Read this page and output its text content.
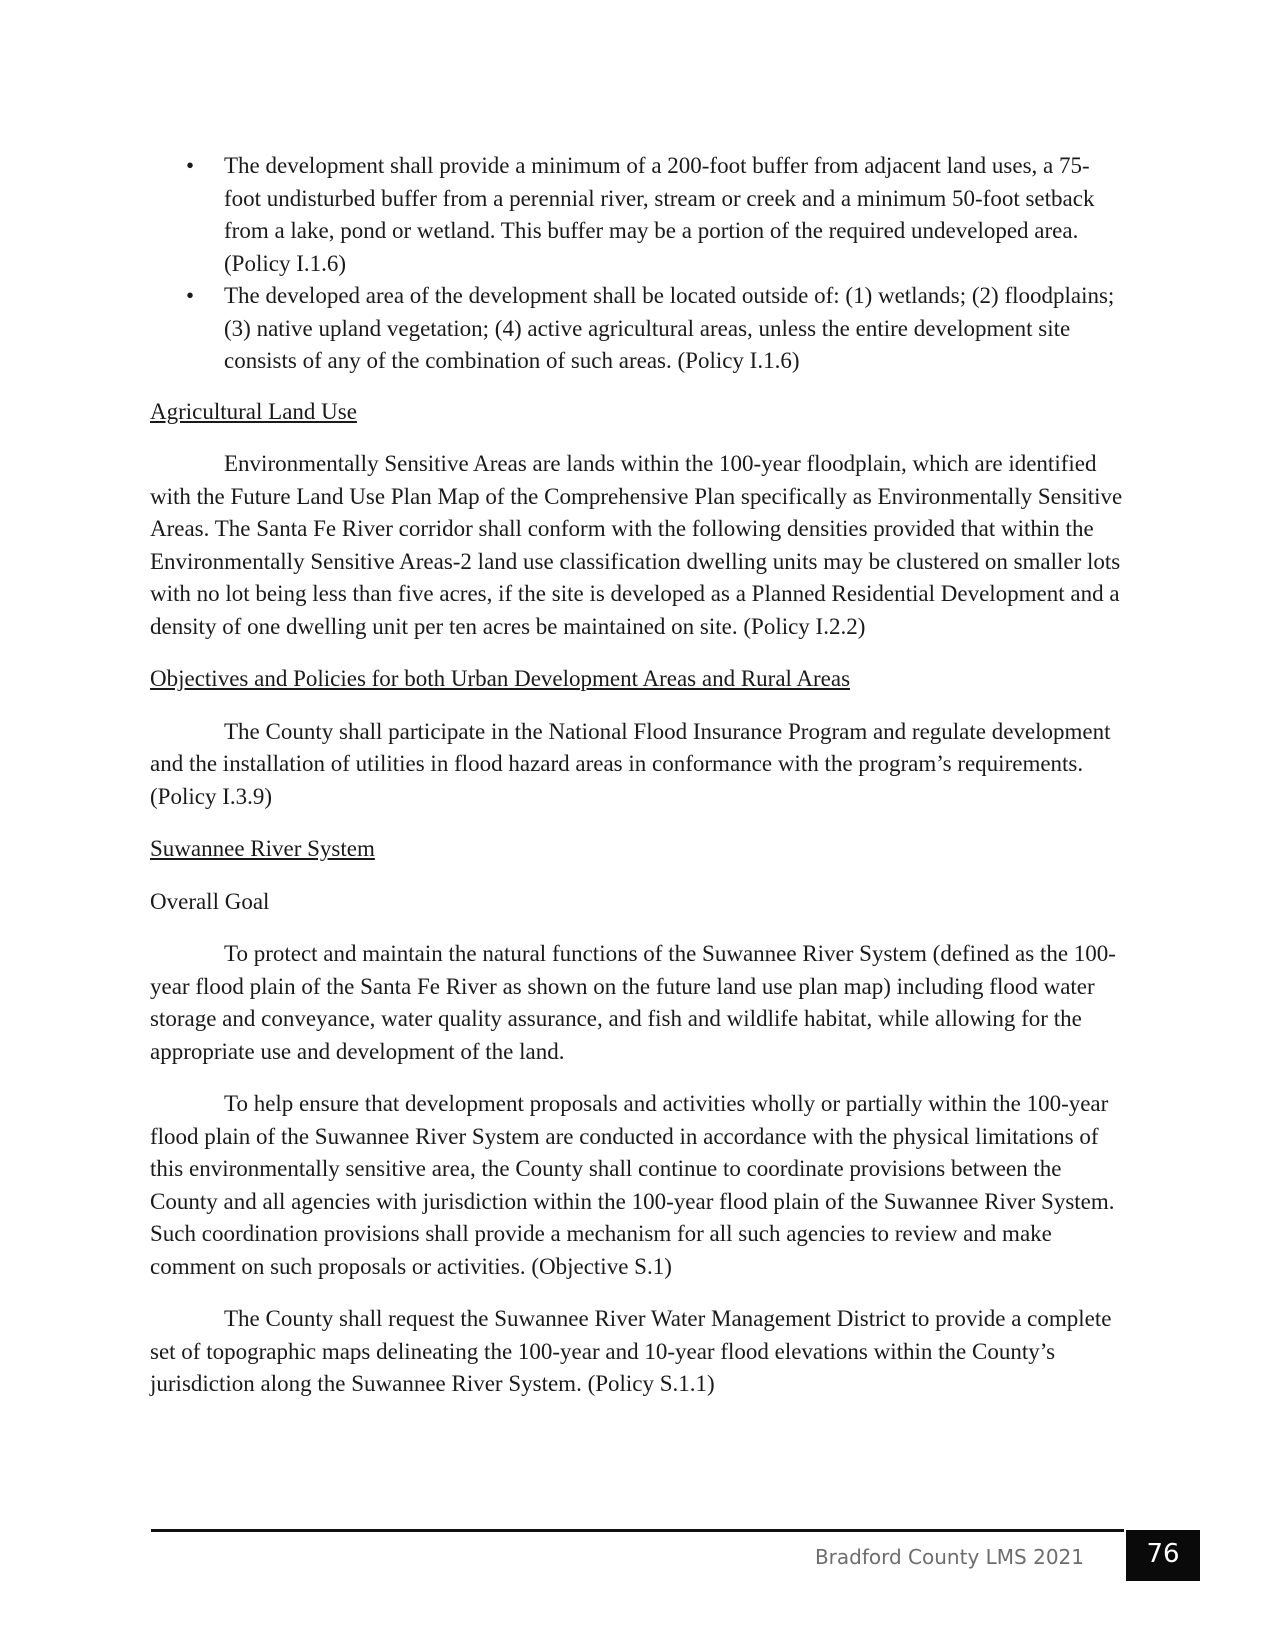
• The development shall provide a minimum of a 200-foot buffer from adjacent land uses, a 75-foot undisturbed buffer from a perennial river, stream or creek and a minimum 50-foot setback from a lake, pond or wetland. This buffer may be a portion of the required undeveloped area. (Policy I.1.6)
• The developed area of the development shall be located outside of: (1) wetlands; (2) floodplains; (3) native upland vegetation; (4) active agricultural areas, unless the entire development site consists of any of the combination of such areas. (Policy I.1.6)
Agricultural Land Use

Environmentally Sensitive Areas are lands within the 100-year floodplain, which are identified with the Future Land Use Plan Map of the Comprehensive Plan specifically as Environmentally Sensitive Areas. The Santa Fe River corridor shall conform with the following densities provided that within the Environmentally Sensitive Areas-2 land use classification dwelling units may be clustered on smaller lots with no lot being less than five acres, if the site is developed as a Planned Residential Development and a density of one dwelling unit per ten acres be maintained on site. (Policy I.2.2)

Objectives and Policies for both Urban Development Areas and Rural Areas

The County shall participate in the National Flood Insurance Program and regulate development and the installation of utilities in flood hazard areas in conformance with the program’s requirements. (Policy I.3.9)

Suwannee River System
Overall Goal

To protect and maintain the natural functions of the Suwannee River System (defined as the 100-year flood plain of the Santa Fe River as shown on the future land use plan map) including flood water storage and conveyance, water quality assurance, and fish and wildlife habitat, while allowing for the appropriate use and development of the land.

To help ensure that development proposals and activities wholly or partially within the 100-year flood plain of the Suwannee River System are conducted in accordance with the physical limitations of this environmentally sensitive area, the County shall continue to coordinate provisions between the County and all agencies with jurisdiction within the 100-year flood plain of the Suwannee River System. Such coordination provisions shall provide a mechanism for all such agencies to review and make comment on such proposals or activities. (Objective S.1)

The County shall request the Suwannee River Water Management District to provide a complete set of topographic maps delineating the 100-year and 10-year flood elevations within the County’s jurisdiction along the Suwannee River System. (Policy S.1.1)

Bradford County LMS 2021	76
